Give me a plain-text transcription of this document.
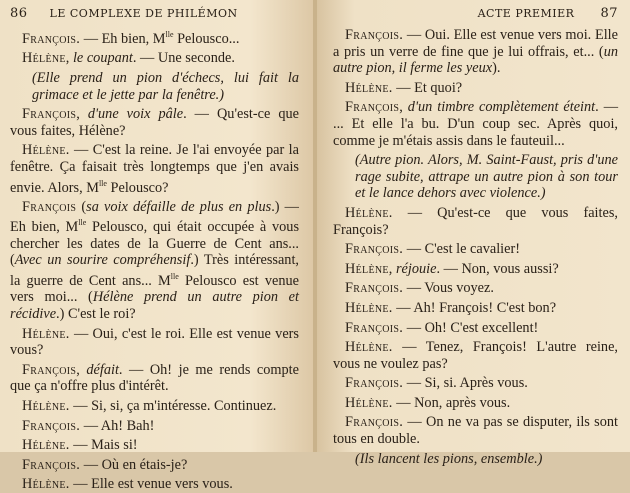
86 LE COMPLEXE DE PHILÉMON

François. — Eh bien, $M^{lle}$ Pelousco...

Hélène, le coupant. — Une seconde.

(Elle prend un pion d'échecs, lui fait la grimace et le jette par la fenêtre.)

François, d'une voix pâle. — Qu'est-ce que vous faites, Hélène?

Hélène. — C'est la reine. Je l'ai envoyée par la fenêtre. Ça faisait très longtemps que j'en avais envie. Alors, $M^{lle}$ Pelousco?

François (sa voix défaille de plus en plus.) — Eh bien, $M^{lle}$ Pelousco, qui était occupée à vous chercher les dates de la Guerre de Cent ans... (Avec un sourire compréhensif.) Très intéressant, la guerre de Cent ans... $M^{lle}$ Pelousco est venue vers moi... (Hélène prend un autre pion et récidive.) C'est le roi?

Hélène. — Oui, c'est le roi. Elle est venue vers vous?

François, défait. — Oh! je me rends compte que ça n'offre plus d'intérêt.

Hélène. — Si, si, ça m'intéresse. Continuez.

François. — Ah! Bah!

Hélène. — Mais si!

François. — Où en étais-je?

Hélène. — Elle est venue vers vous.

ACTE PREMIER 87

François. — Oui. Elle est venue vers moi. Elle a pris un verre de fine que je lui offrais, et... (un autre pion, il ferme les yeux).

Hélène. — Et quoi?

François, d'un timbre complètement éteint. — ... Et elle l'a bu. D'un coup sec. Après quoi, comme je m'étais assis dans le fauteuil...

(Autre pion. Alors, M. Saint-Faust, pris d'une rage subite, attrape un autre pion à son tour et le lance dehors avec violence.)

Hélène. — Qu'est-ce que vous faites, François?

François. — C'est le cavalier!

Hélène, réjouie. — Non, vous aussi?

François. — Vous voyez.

Hélène. — Ah! François! C'est bon?

François. — Oh! C'est excellent!

Hélène. — Tenez, François! L'autre reine, vous ne voulez pas?

François. — Si, si. Après vous.

Hélène. — Non, après vous.

François. — On ne va pas se disputer, ils sont tous en double.

(Ils lancent les pions, ensemble.)
